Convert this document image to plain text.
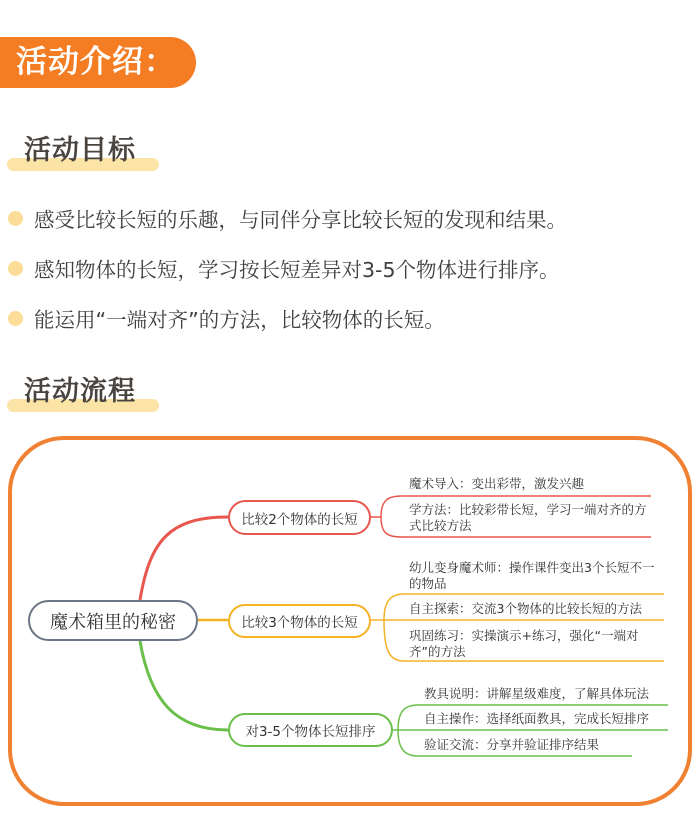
活动介绍：
活动目标
感受比较长短的乐趣，与同伴分享比较长短的发现和结果。
感知物体的长短，学习按长短差异对3-5个物体进行排序。
能运用“一端对齐”的方法，比较物体的长短。
活动流程
魔术箱里的秘密
比较2个物体的长短
比较3个物体的长短
对3-5个物体长短排序
魔术导入：变出彩带，激发兴趣
学方法：比较彩带长短，学习一端对齐的方式比较方法
幼儿变身魔术师：操作课件变出3个长短不一的物品
自主探索：交流3个物体的比较长短的方法
巩固练习：实操演示+练习，强化“一端对齐”的方法
教具说明：讲解星级难度，了解具体玩法
自主操作：选择纸面教具，完成长短排序
验证交流：分享并验证排序结果
